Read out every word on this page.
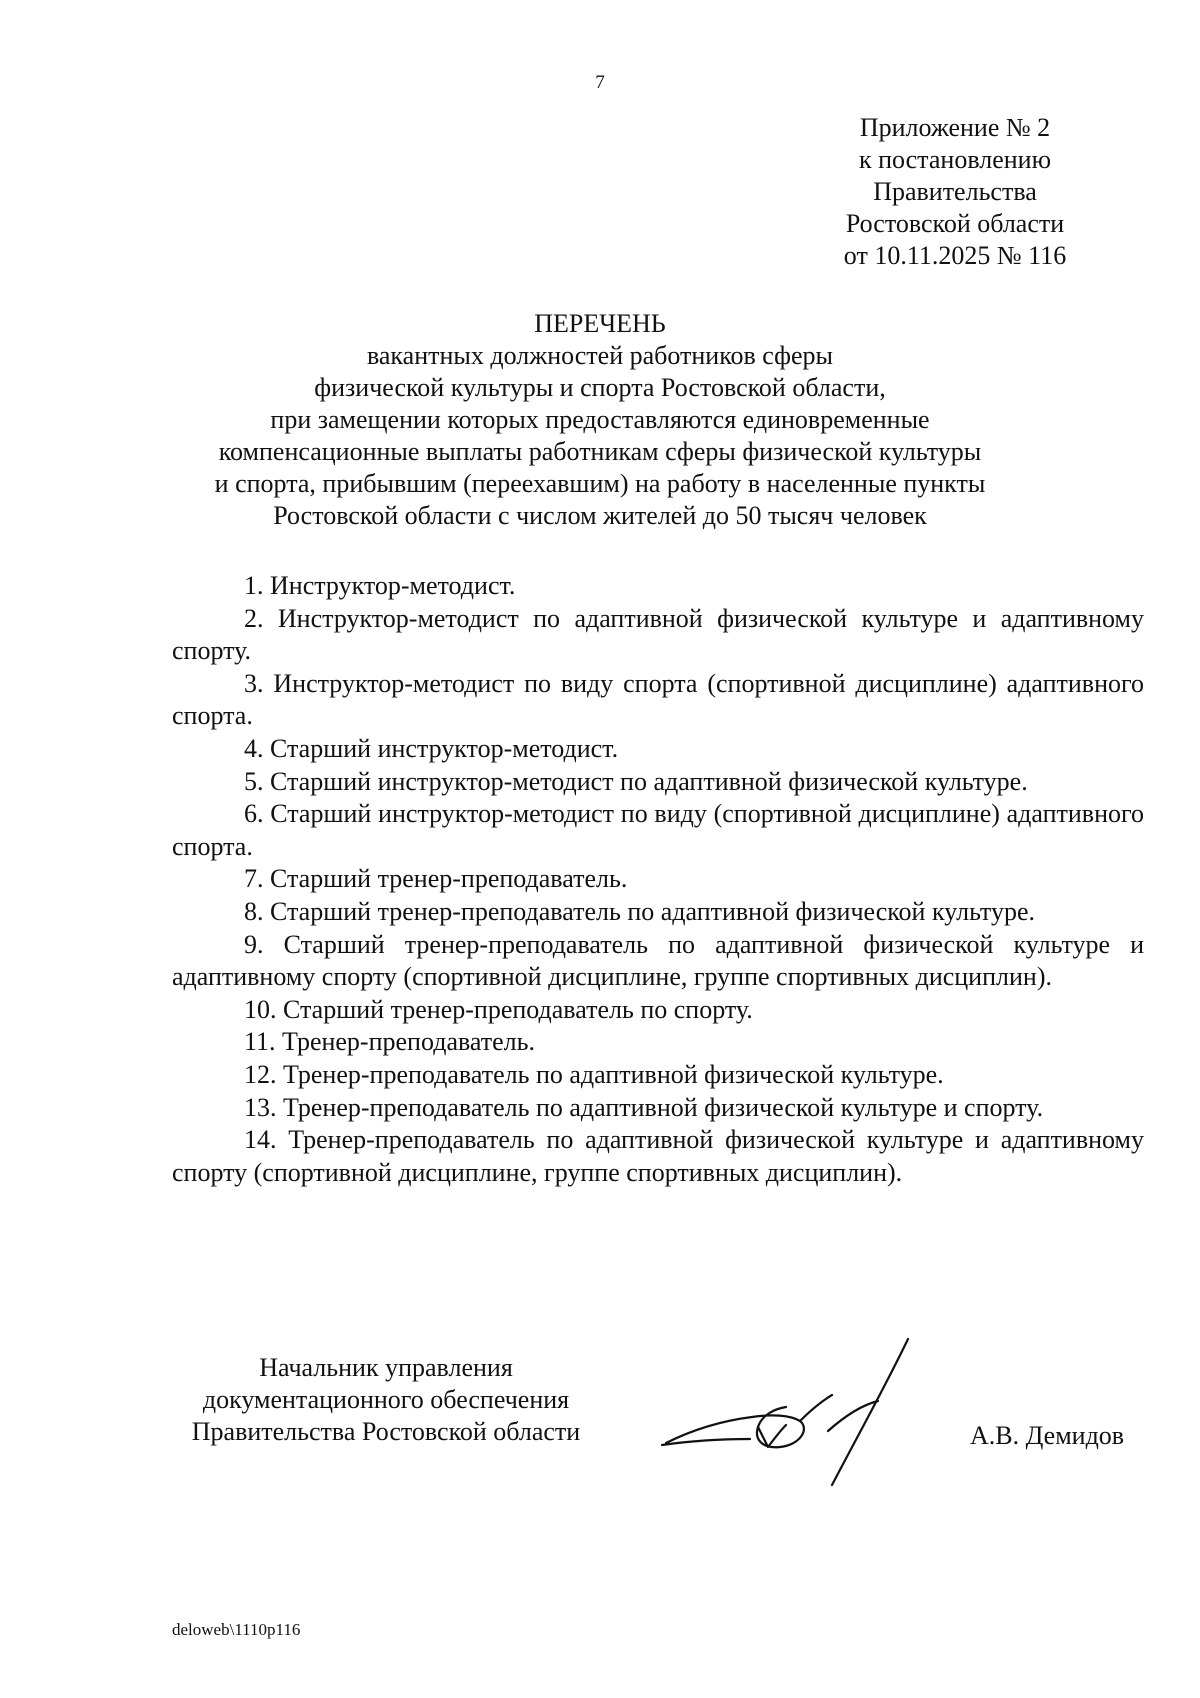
7
Приложение № 2
к постановлению
Правительства
Ростовской области
от 10.11.2025 № 116
ПЕРЕЧЕНЬ
вакантных должностей работников сферы
физической культуры и спорта Ростовской области,
при замещении которых предоставляются единовременные
компенсационные выплаты работникам сферы физической культуры
и спорта, прибывшим (переехавшим) на работу в населенные пункты
Ростовской области с числом жителей до 50 тысяч человек

1. Инструктор-методист.

2. Инструктор-методист по адаптивной физической культуре и адаптивному спорту.

3. Инструктор-методист по виду спорта (спортивной дисциплине) адаптивного спорта.

4. Старший инструктор-методист.

5. Старший инструктор-методист по адаптивной физической культуре.

6. Старший инструктор-методист по виду (спортивной дисциплине) адаптивного спорта.

7. Старший тренер-преподаватель.

8. Старший тренер-преподаватель по адаптивной физической культуре.

9. Старший тренер-преподаватель по адаптивной физической культуре и адаптивному спорту (спортивной дисциплине, группе спортивных дисциплин).

10. Старший тренер-преподаватель по спорту.

11. Тренер-преподаватель.

12. Тренер-преподаватель по адаптивной физической культуре.

13. Тренер-преподаватель по адаптивной физической культуре и спорту.

14. Тренер-преподаватель по адаптивной физической культуре и адаптивному спорту (спортивной дисциплине, группе спортивных дисциплин).

Начальник управления
документационного обеспечения
Правительства Ростовской области	А.В. Демидов
deloweb\1110p116
